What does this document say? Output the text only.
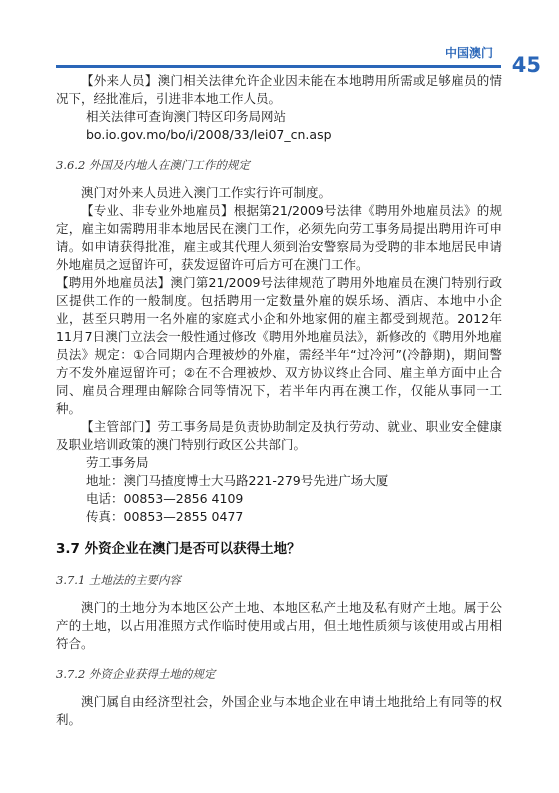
中国澳门 45

【外来人员】澳门相关法律允许企业因未能在本地聘用所需或足够雇员的情况下，经批准后，引进非本地工作人员。

相关法律可查询澳门特区印务局网站

bo.io.gov.mo/bo/i/2008/33/lei07_cn.asp

3.6.2 外国及内地人在澳门工作的规定

澳门对外来人员进入澳门工作实行许可制度。

【专业、非专业外地雇员】根据第21/2009号法律《聘用外地雇员法》的规定，雇主如需聘用非本地居民在澳门工作，必须先向劳工事务局提出聘用许可申请。如申请获得批准，雇主或其代理人须到治安警察局为受聘的非本地居民申请外地雇员之逗留许可，获发逗留许可后方可在澳门工作。

【聘用外地雇员法】澳门第21/2009号法律规范了聘用外地雇员在澳门特别行政区提供工作的一般制度。包括聘用一定数量外雇的娱乐场、酒店、本地中小企业，甚至只聘用一名外雇的家庭式小企和外地家佣的雇主都受到规范。2012年11月7日澳门立法会一般性通过修改《聘用外地雇员法》，新修改的《聘用外地雇员法》规定：①合同期内合理被炒的外雇，需经半年“过冷河”(冷静期)，期间警方不发外雇逗留许可；②在不合理被炒、双方协议终止合同、雇主单方面中止合同、雇员合理理由解除合同等情况下，若半年内再在澳工作，仅能从事同一工种。

【主管部门】劳工事务局是负责协助制定及执行劳动、就业、职业安全健康及职业培训政策的澳门特别行政区公共部门。

劳工事务局

地址：澳门马揸度博士大马路221-279号先进广场大厦

电话：00853—2856 4109

传真：00853—2855 0477

3.7 外资企业在澳门是否可以获得土地？
3.7.1 土地法的主要内容

澳门的土地分为本地区公产土地、本地区私产土地及私有财产土地。属于公产的土地，以占用准照方式作临时使用或占用，但土地性质须与该使用或占用相符合。

3.7.2 外资企业获得土地的规定

澳门属自由经济型社会，外国企业与本地企业在申请土地批给上有同等的权利。
